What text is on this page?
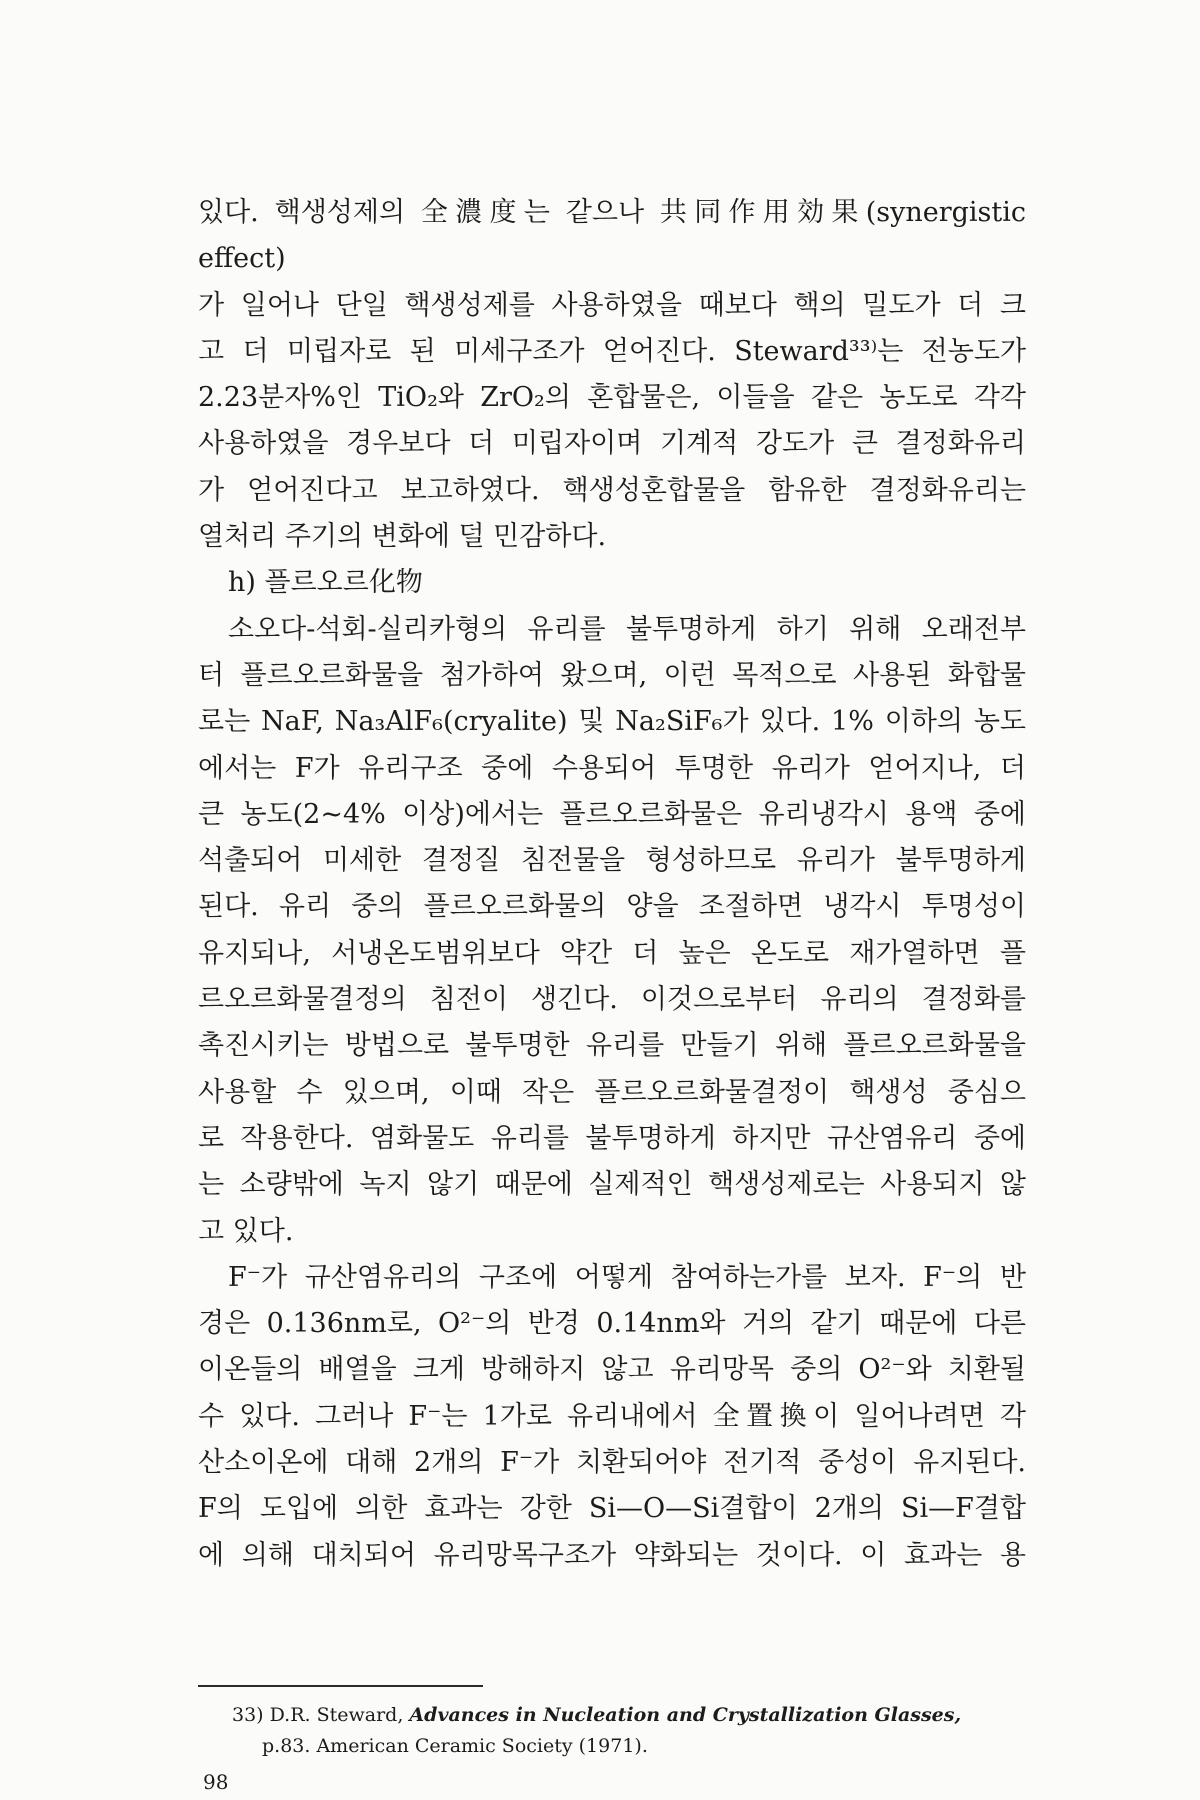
있다. 핵생성제의 全濃度는 같으나 共同作用効果(synergistic effect)

가 일어나 단일 핵생성제를 사용하였을 때보다 핵의 밀도가 더 크

고 더 미립자로 된 미세구조가 얻어진다. Steward³³⁾는 전농도가

2.23분자%인 TiO₂와 ZrO₂의 혼합물은, 이들을 같은 농도로 각각

사용하였을 경우보다 더 미립자이며 기계적 강도가 큰 결정화유리

가 얻어진다고 보고하였다. 핵생성혼합물을 함유한 결정화유리는

열처리 주기의 변화에 덜 민감하다.

h) 플르오르化物

소오다-석회-실리카형의 유리를 불투명하게 하기 위해 오래전부

터 플르오르화물을 첨가하여 왔으며, 이런 목적으로 사용된 화합물

로는 NaF, Na₃AlF₆(cryalite) 및 Na₂SiF₆가 있다. 1% 이하의 농도

에서는 F가 유리구조 중에 수용되어 투명한 유리가 얻어지나, 더

큰 농도(2~4% 이상)에서는 플르오르화물은 유리냉각시 용액 중에

석출되어 미세한 결정질 침전물을 형성하므로 유리가 불투명하게

된다. 유리 중의 플르오르화물의 양을 조절하면 냉각시 투명성이

유지되나, 서냉온도범위보다 약간 더 높은 온도로 재가열하면 플

르오르화물결정의 침전이 생긴다. 이것으로부터 유리의 결정화를

촉진시키는 방법으로 불투명한 유리를 만들기 위해 플르오르화물을

사용할 수 있으며, 이때 작은 플르오르화물결정이 핵생성 중심으

로 작용한다. 염화물도 유리를 불투명하게 하지만 규산염유리 중에

는 소량밖에 녹지 않기 때문에 실제적인 핵생성제로는 사용되지 않

고 있다.

F⁻가 규산염유리의 구조에 어떻게 참여하는가를 보자. F⁻의 반

경은 0.136nm로, O²⁻의 반경 0.14nm와 거의 같기 때문에 다른

이온들의 배열을 크게 방해하지 않고 유리망목 중의 O²⁻와 치환될

수 있다. 그러나 F⁻는 1가로 유리내에서 全置換이 일어나려면 각

산소이온에 대해 2개의 F⁻가 치환되어야 전기적 중성이 유지된다.

F의 도입에 의한 효과는 강한 Si—O—Si결합이 2개의 Si—F결합

에 의해 대치되어 유리망목구조가 약화되는 것이다. 이 효과는 용

33) D.R. Steward, Advances in Nucleation and Crystallization Glasses,
p.83. American Ceramic Society (1971).
98
